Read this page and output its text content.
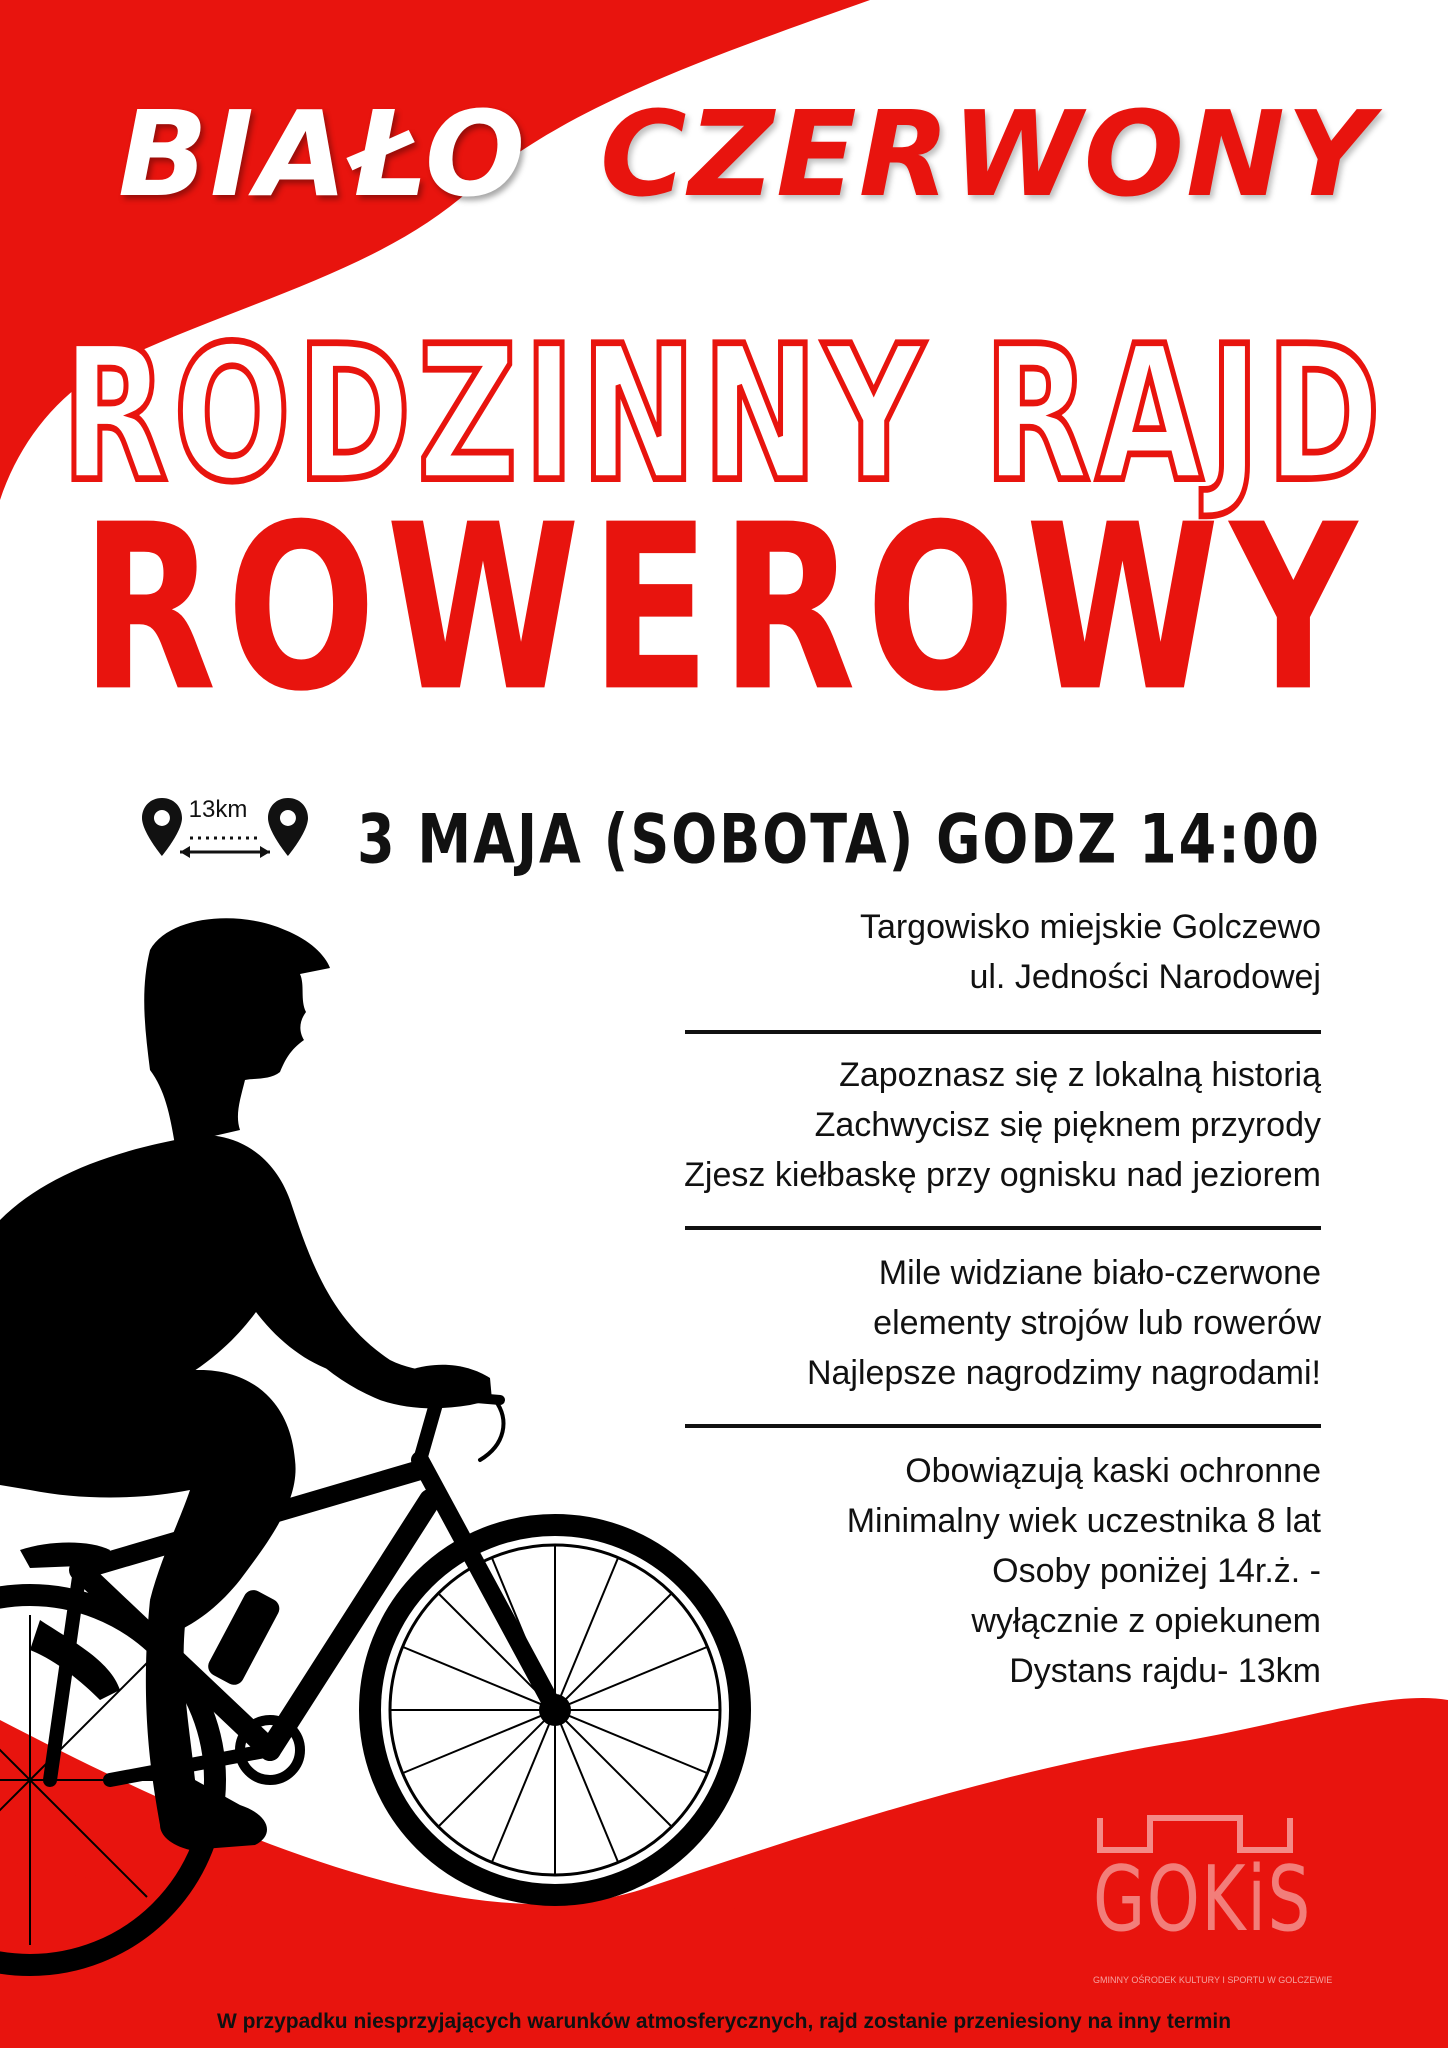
BIAŁO CZERWONY
RODZINNY RAJD
ROWEROWY
13km 3 MAJA (SOBOTA) GODZ 14:00
Targowisko miejskie Golczewo
ul. Jedności Narodowej
Zapoznasz się z lokalną historią
Zachwycisz się pięknem przyrody
Zjesz kiełbaskę przy ognisku nad jeziorem
Mile widziane biało-czerwone
elementy strojów lub rowerów
Najlepsze nagrodzimy nagrodami!
Obowiązują kaski ochronne
Minimalny wiek uczestnika 8 lat
Osoby poniżej 14r.ż. -
wyłącznie z opiekunem
Dystans rajdu- 13km
GOKiS
GMINNY OŚRODEK KULTURY I SPORTU W GOLCZEWIE
W przypadku niesprzyjających warunków atmosferycznych, rajd zostanie przeniesiony na inny termin
